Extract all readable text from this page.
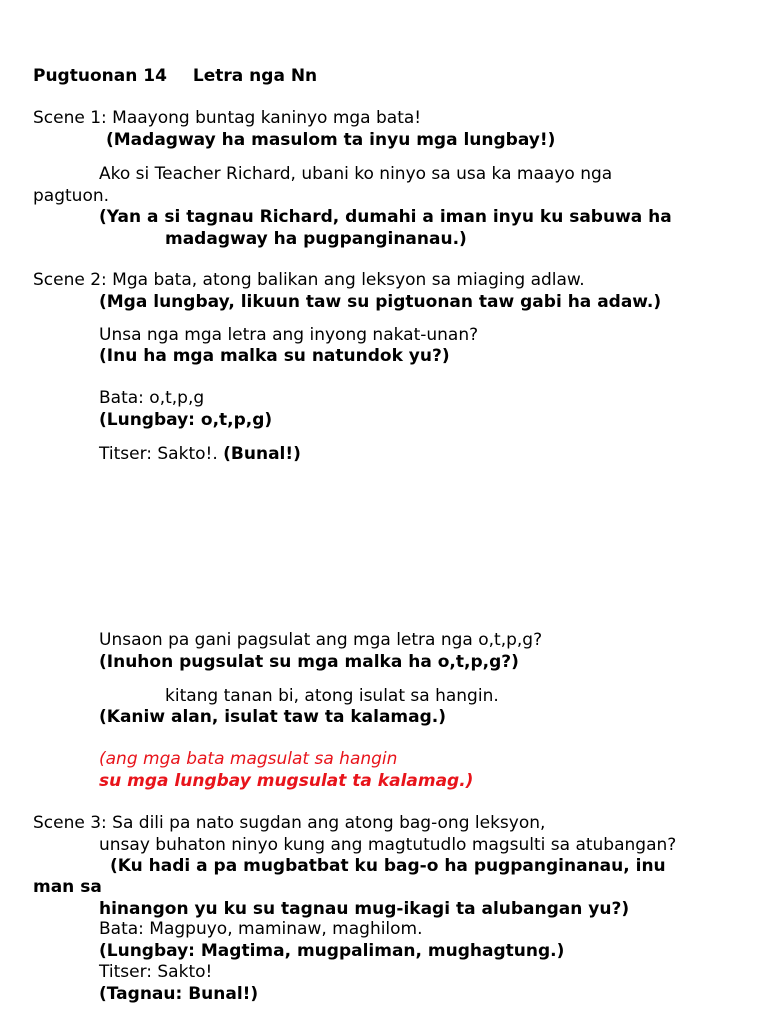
Pugtuonan 14 Letra nga Nn
Scene 1: Maayong buntag kaninyo mga bata!
(Madagway ha masulom ta inyu mga lungbay!)
Ako si Teacher Richard, ubani ko ninyo sa usa ka maayo nga
pagtuon.
(Yan a si tagnau Richard, dumahi a iman inyu ku sabuwa ha
madagway ha pugpanginanau.)
Scene 2: Mga bata, atong balikan ang leksyon sa miaging adlaw.
(Mga lungbay, likuun taw su pigtuonan taw gabi ha adaw.)
Unsa nga mga letra ang inyong nakat-unan?
(Inu ha mga malka su natundok yu?)
Bata: o,t,p,g
(Lungbay: o,t,p,g)
Titser: Sakto!. (Bunal!)
Unsaon pa gani pagsulat ang mga letra nga o,t,p,g?
(Inuhon pugsulat su mga malka ha o,t,p,g?)
kitang tanan bi, atong isulat sa hangin.
(Kaniw alan, isulat taw ta kalamag.)
(ang mga bata magsulat sa hangin
su mga lungbay mugsulat ta kalamag.)
Scene 3: Sa dili pa nato sugdan ang atong bag-ong leksyon,
unsay buhaton ninyo kung ang magtutudlo magsulti sa atubangan?
(Ku hadi a pa mugbatbat ku bag-o ha pugpanginanau, inu
man sa
hinangon yu ku su tagnau mug-ikagi ta alubangan yu?)
Bata: Magpuyo, maminaw, maghilom.
(Lungbay: Magtima, mugpaliman, mughagtung.)
Titser: Sakto!
(Tagnau: Bunal!)
